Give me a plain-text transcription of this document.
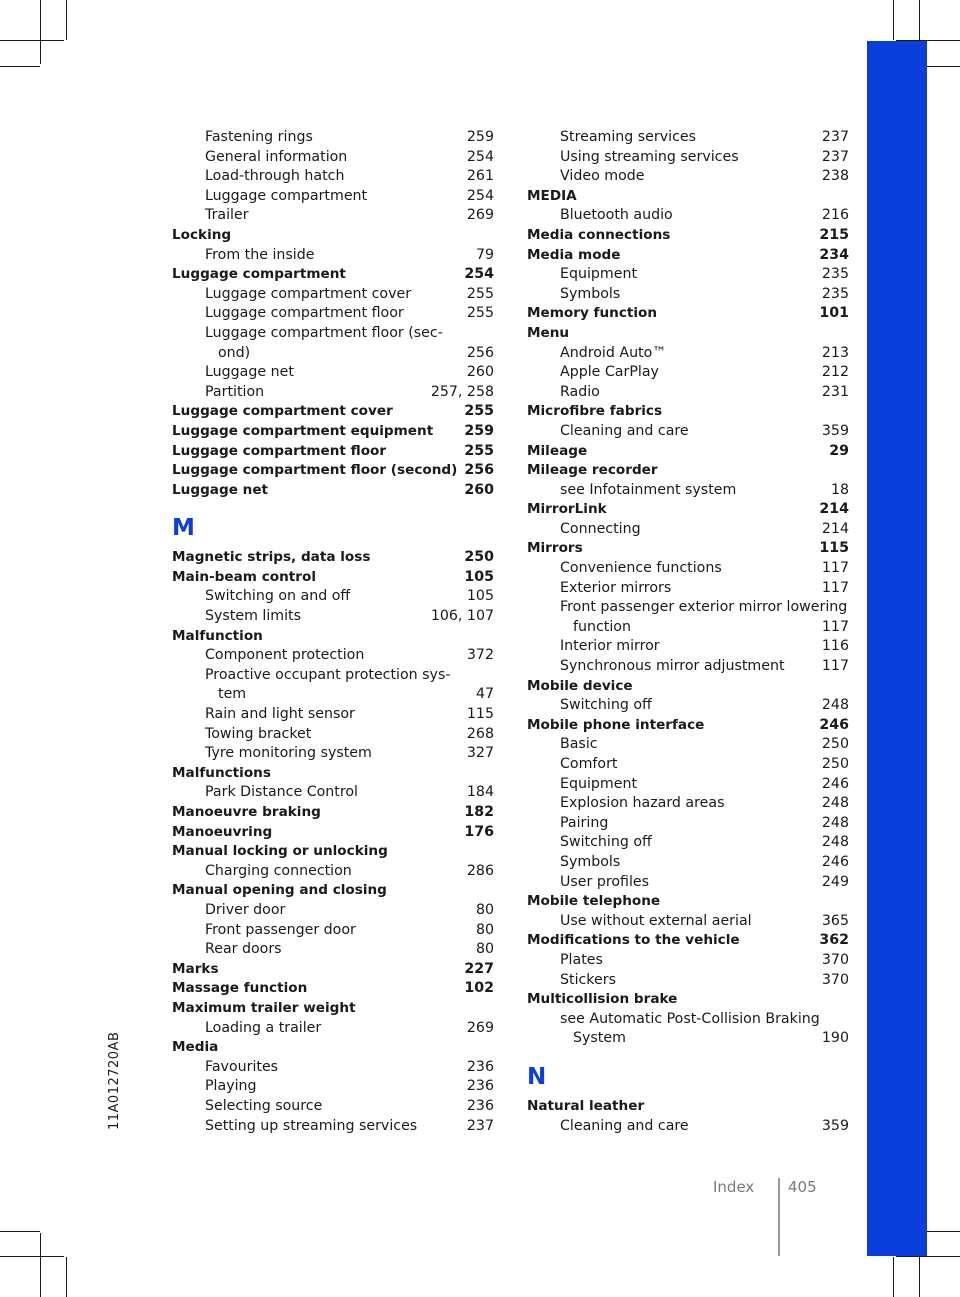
11A012720AB
Fastening rings	259
General information	254
Load-through hatch	261
Luggage compartment	254
Trailer	269
Locking
From the inside	79
Luggage compartment	254
Luggage compartment cover	255
Luggage compartment floor	255
Luggage compartment floor (sec-
ond)	256
Luggage net	260
Partition	257, 258
Luggage compartment cover	255
Luggage compartment equipment	259
Luggage compartment floor	255
Luggage compartment floor (second) 256
Luggage net	260
M
Magnetic strips, data loss	250
Main-beam control	105
Switching on and off	105
System limits	106, 107
Malfunction
Component protection	372
Proactive occupant protection sys-
tem	47
Rain and light sensor	115
Towing bracket	268
Tyre monitoring system	327
Malfunctions
Park Distance Control	184
Manoeuvre braking	182
Manoeuvring	176
Manual locking or unlocking
Charging connection	286
Manual opening and closing
Driver door	80
Front passenger door	80
Rear doors	80
Marks	227
Massage function	102
Maximum trailer weight
Loading a trailer	269
Media
Favourites	236
Playing	236
Selecting source	236
Setting up streaming services	237
Streaming services	237
Using streaming services	237
Video mode	238
MEDIA
Bluetooth audio	216
Media connections	215
Media mode	234
Equipment	235
Symbols	235
Memory function	101
Menu
Android Auto™	213
Apple CarPlay	212
Radio	231
Microfibre fabrics
Cleaning and care	359
Mileage	29
Mileage recorder
see Infotainment system	18
MirrorLink	214
Connecting	214
Mirrors	115
Convenience functions	117
Exterior mirrors	117
Front passenger exterior mirror lowering
function	117
Interior mirror	116
Synchronous mirror adjustment	117
Mobile device
Switching off	248
Mobile phone interface	246
Basic	250
Comfort	250
Equipment	246
Explosion hazard areas	248
Pairing	248
Switching off	248
Symbols	246
User profiles	249
Mobile telephone
Use without external aerial	365
Modifications to the vehicle	362
Plates	370
Stickers	370
Multicollision brake
see Automatic Post-Collision Braking
System	190
N
Natural leather
Cleaning and care	359
Index 405
